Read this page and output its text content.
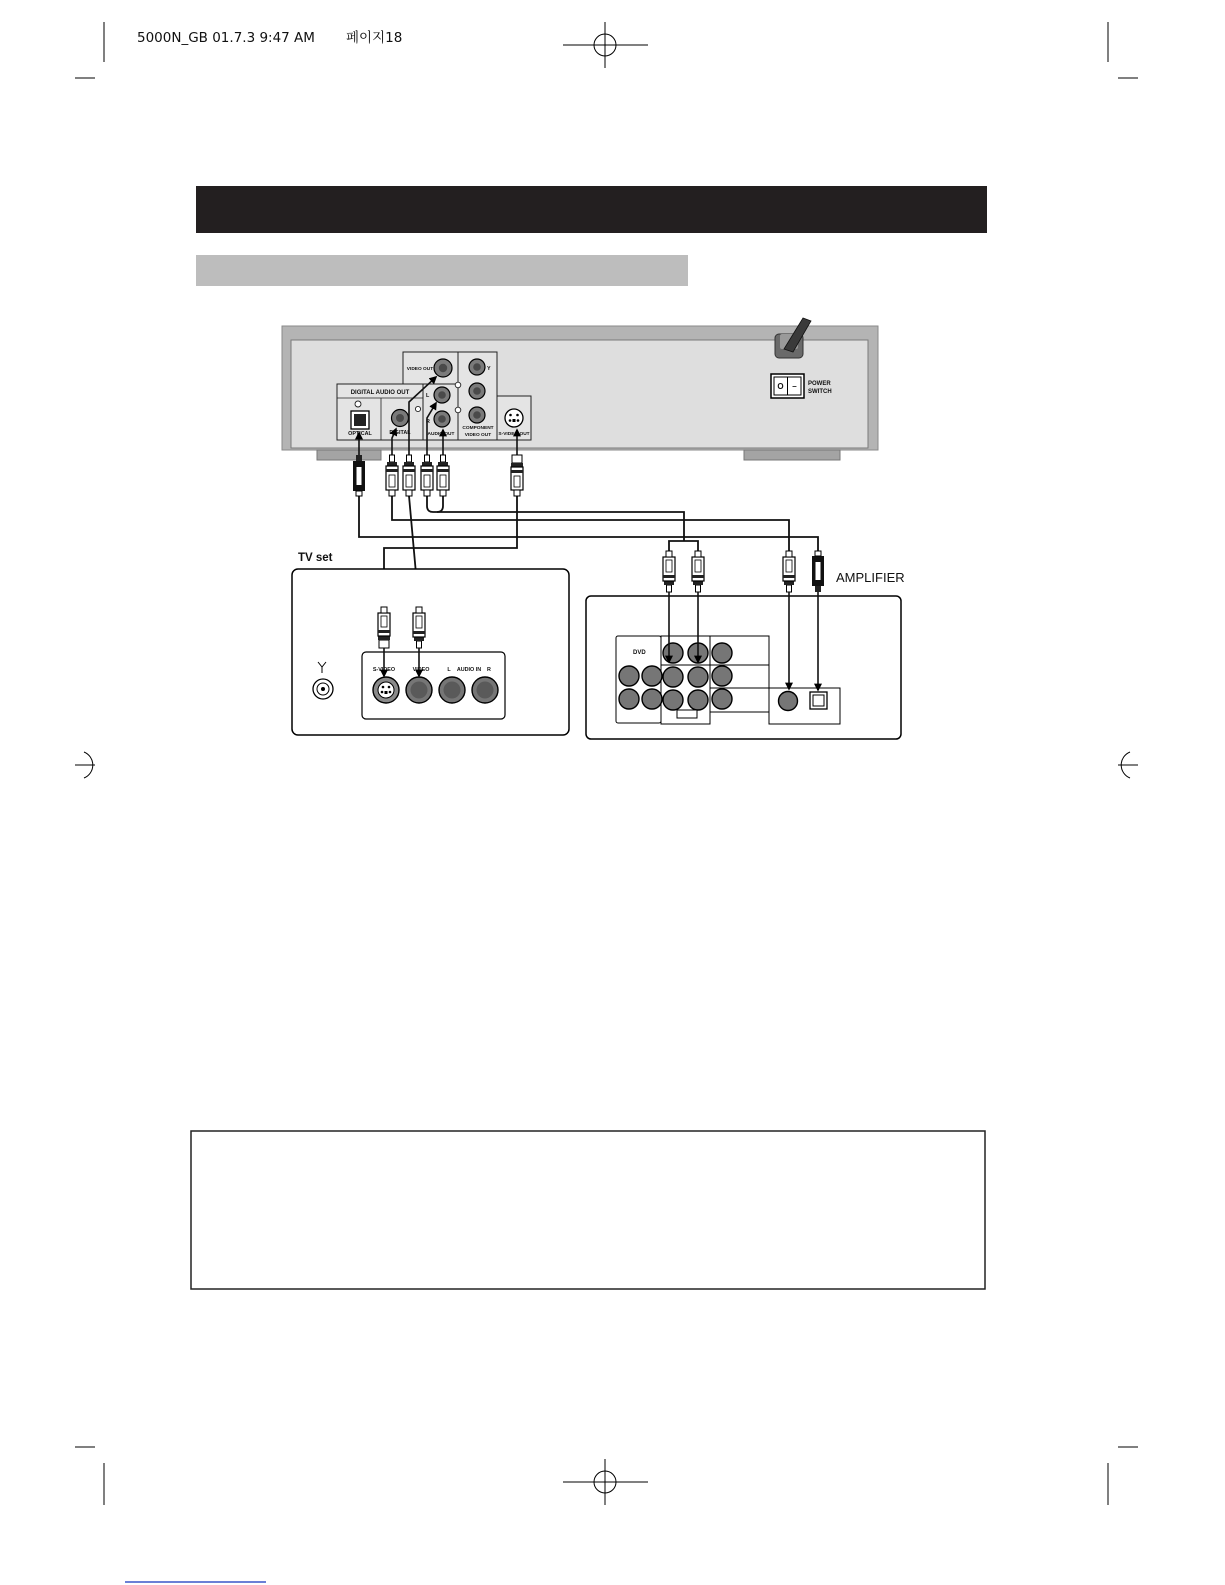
5000N_GB 01.7.3 9:47 AM 페이지18
DIGITAL AUDIO OUT
OPTICAL	DIGITAL
VIDEO OUT
L
R
AUDIO OUT
Y
COMPONENT
VIDEO OUT S-VIDEO OUT
O – POWER
SWITCH
TV set
S-VIDEO	VIDEO	L AUDIO IN R
AMPLIFIER
DVD
